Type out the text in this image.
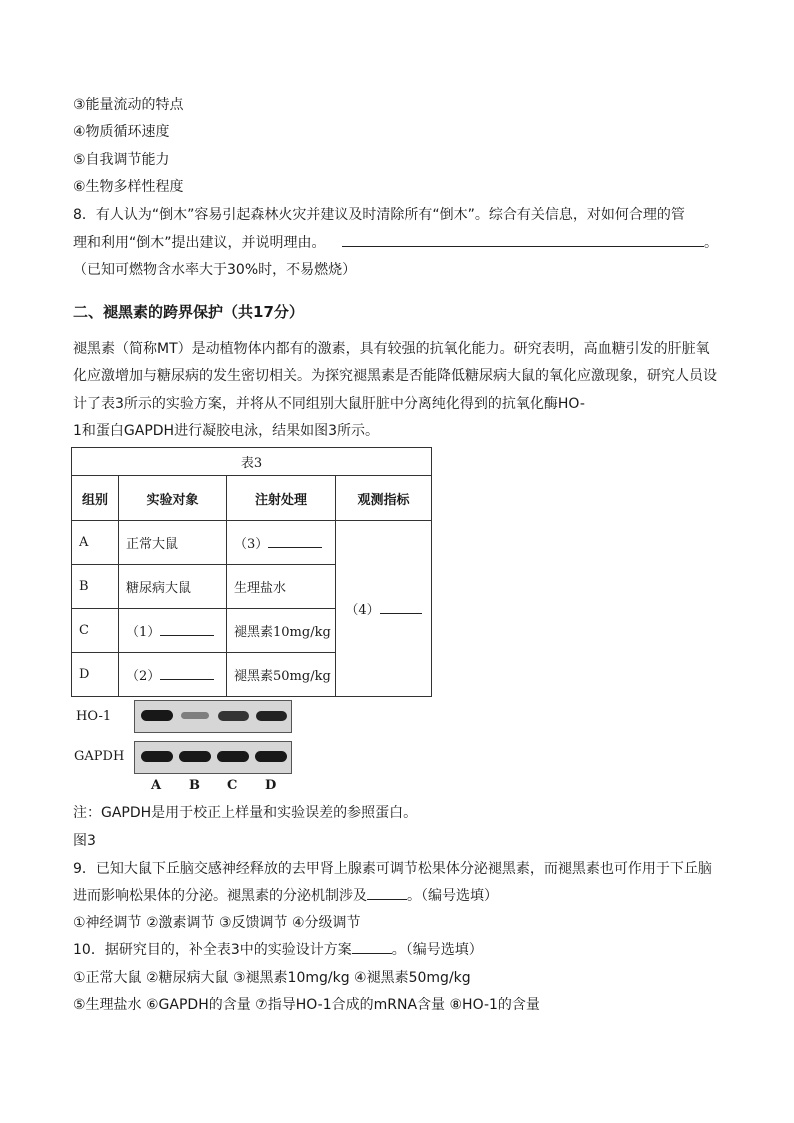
③能量流动的特点
④物质循环速度
⑤自我调节能力
⑥生物多样性程度
8．有人认为“倒木”容易引起森林火灾并建议及时清除所有“倒木”。综合有关信息，对如何合理的管
理和利用“倒木”提出建议，并说明理由。	。
（已知可燃物含水率大于30%时，不易燃烧）
二、褪黑素的跨界保护（共17分）
褪黑素（简称MT）是动植物体内都有的激素，具有较强的抗氧化能力。研究表明，高血糖引发的肝脏氧
化应激增加与糖尿病的发生密切相关。为探究褪黑素是否能降低糖尿病大鼠的氧化应激现象，研究人员设
计了表3所示的实验方案，并将从不同组别大鼠肝脏中分离纯化得到的抗氧化酶HO-
1和蛋白GAPDH进行凝胶电泳，结果如图3所示。
表3			
组别	实验对象	注射处理	观测指标
A	正常大鼠	（3）	（4）
B	糖尿病大鼠	生理盐水	
C	（1）	褪黑素10mg/kg	
D	（2）	褪黑素50mg/kg	
HO-1
GAPDH
A B C D
注：GAPDH是用于校正上样量和实验误差的参照蛋白。
图3
9．已知大鼠下丘脑交感神经释放的去甲肾上腺素可调节松果体分泌褪黑素，而褪黑素也可作用于下丘脑
进而影响松果体的分泌。褪黑素的分泌机制涉及	。（编号选填）
①神经调节 ②激素调节 ③反馈调节 ④分级调节
10．据研究目的，补全表3中的实验设计方案	。（编号选填）
①正常大鼠 ②糖尿病大鼠 ③褪黑素10mg/kg ④褪黑素50mg/kg
⑤生理盐水 ⑥GAPDH的含量 ⑦指导HO-1合成的mRNA含量 ⑧HO-1的含量
